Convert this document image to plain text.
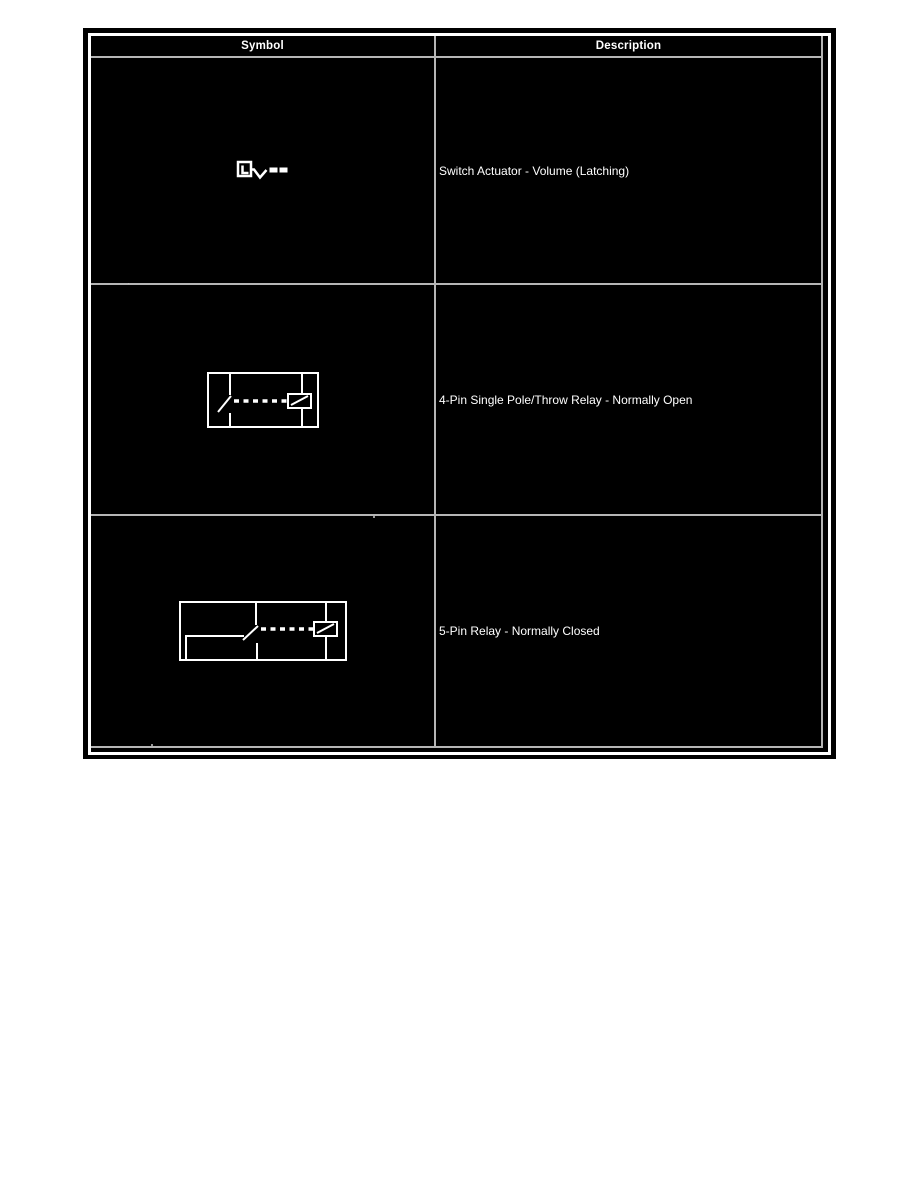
Symbol	Description
Switch Actuator - Volume (Latching)
4-Pin Single Pole/Throw Relay - Normally Open
5-Pin Relay - Normally Closed
